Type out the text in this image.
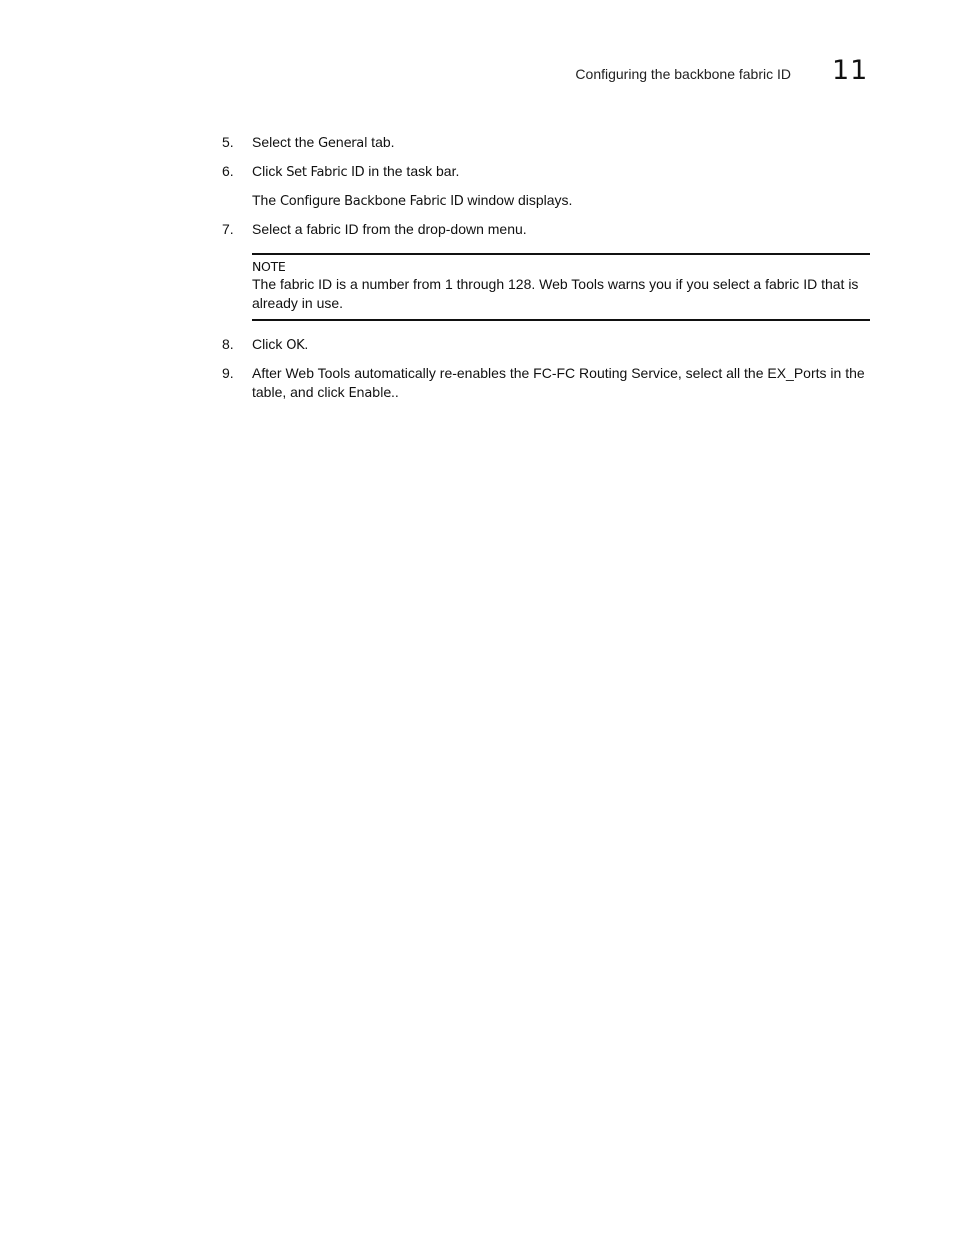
Configuring the backbone fabric ID 11
5.	Select the General tab.
6.	Click Set Fabric ID in the task bar.
The Configure Backbone Fabric ID window displays.
7.	Select a fabric ID from the drop-down menu.
NOTE
The fabric ID is a number from 1 through 128. Web Tools warns you if you select a fabric ID that is already in use.
8.	Click OK.
9.	After Web Tools automatically re-enables the FC-FC Routing Service, select all the EX_Ports in the table, and click Enable..
